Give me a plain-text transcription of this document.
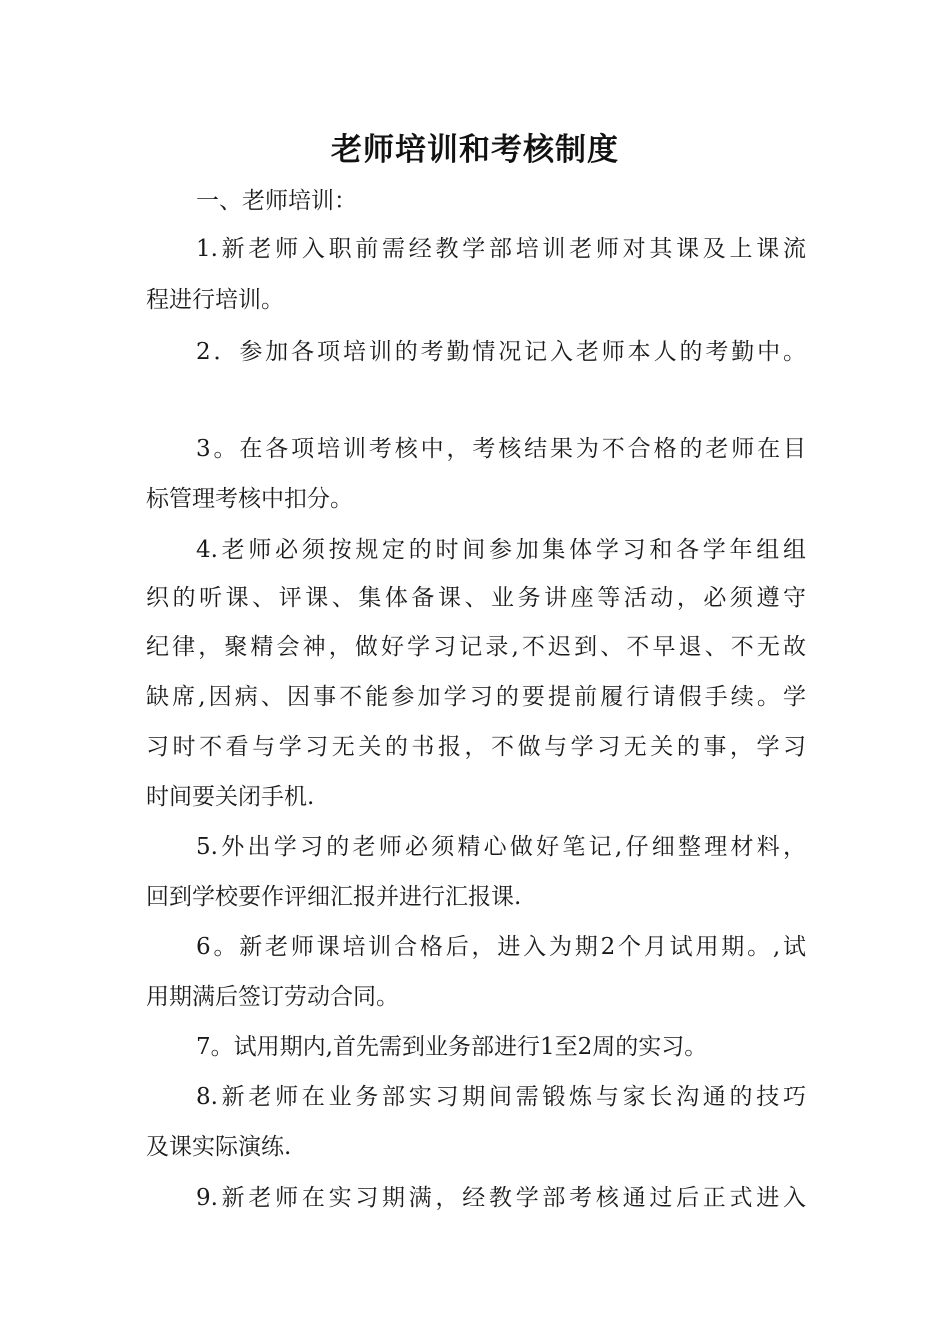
老师培训和考核制度
一、老师培训：
1.新老师入职前需经教学部培训老师对其课及上课流
程进行培训。
2．参加各项培训的考勤情况记入老师本人的考勤中。
3。在各项培训考核中，考核结果为不合格的老师在目
标管理考核中扣分。
4.老师必须按规定的时间参加集体学习和各学年组组
织的听课、评课、集体备课、业务讲座等活动，必须遵守
纪律，聚精会神，做好学习记录,不迟到、不早退、不无故
缺席,因病、因事不能参加学习的要提前履行请假手续。学
习时不看与学习无关的书报，不做与学习无关的事，学习
时间要关闭手机.
5.外出学习的老师必须精心做好笔记,仔细整理材料，
回到学校要作评细汇报并进行汇报课.
6。新老师课培训合格后，进入为期2个月试用期。,试
用期满后签订劳动合同。
7。试用期内,首先需到业务部进行1至2周的实习。
8.新老师在业务部实习期间需锻炼与家长沟通的技巧
及课实际演练.
9.新老师在实习期满，经教学部考核通过后正式进入
